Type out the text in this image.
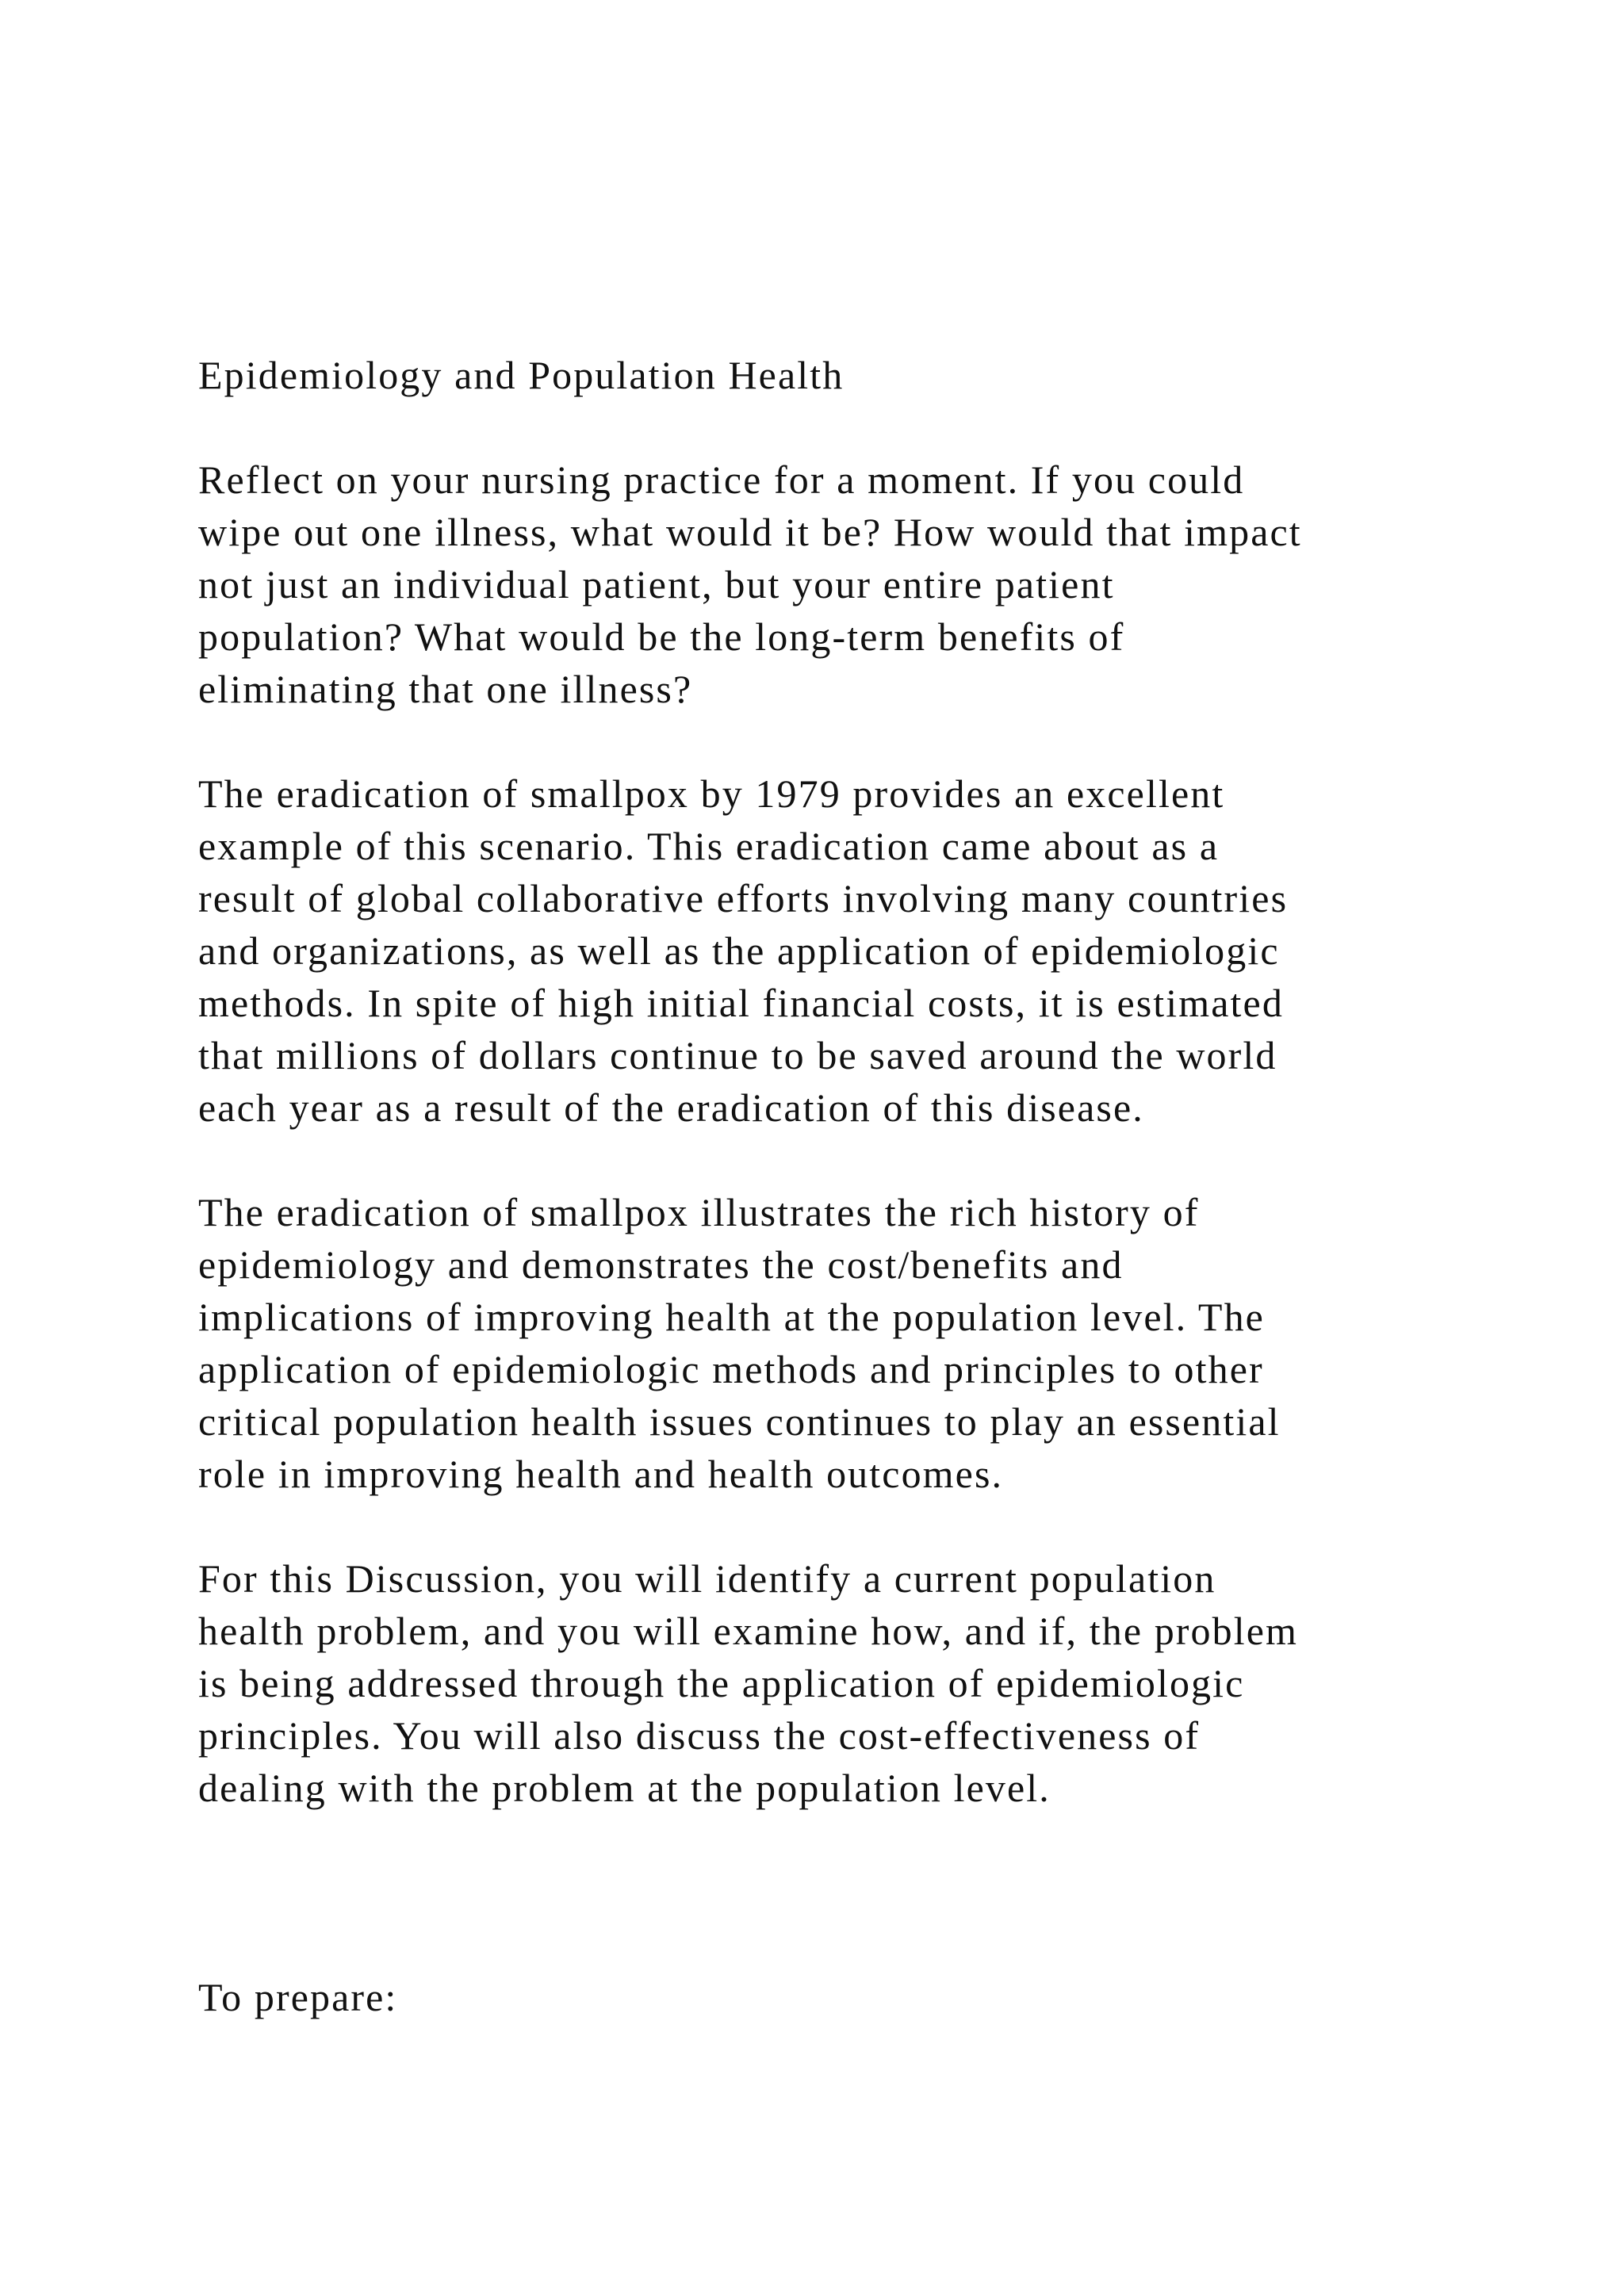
Epidemiology and Population Health

Reflect on your nursing practice for a moment. If you could
wipe out one illness, what would it be? How would that impact
not just an individual patient, but your entire patient
population? What would be the long-term benefits of
eliminating that one illness?

The eradication of smallpox by 1979 provides an excellent
example of this scenario. This eradication came about as a
result of global collaborative efforts involving many countries
and organizations, as well as the application of epidemiologic
methods. In spite of high initial financial costs, it is estimated
that millions of dollars continue to be saved around the world
each year as a result of the eradication of this disease.

The eradication of smallpox illustrates the rich history of
epidemiology and demonstrates the cost/benefits and
implications of improving health at the population level. The
application of epidemiologic methods and principles to other
critical population health issues continues to play an essential
role in improving health and health outcomes.

For this Discussion, you will identify a current population
health problem, and you will examine how, and if, the problem
is being addressed through the application of epidemiologic
principles. You will also discuss the cost-effectiveness of
dealing with the problem at the population level.

To prepare:
